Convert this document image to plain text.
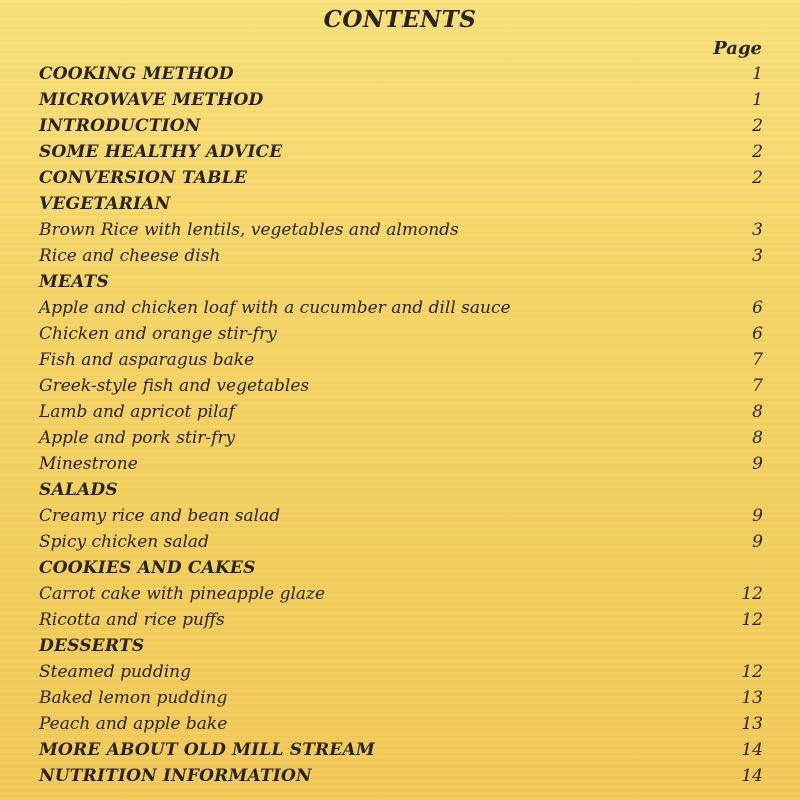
CONTENTS
Page
COOKING METHOD	1
MICROWAVE METHOD	1
INTRODUCTION	2
SOME HEALTHY ADVICE	2
CONVERSION TABLE	2
VEGETARIAN
Brown Rice with lentils, vegetables and almonds	3
Rice and cheese dish	3
MEATS
Apple and chicken loaf with a cucumber and dill sauce	6
Chicken and orange stir-fry	6
Fish and asparagus bake	7
Greek-style fish and vegetables	7
Lamb and apricot pilaf	8
Apple and pork stir-fry	8
Minestrone	9
SALADS
Creamy rice and bean salad	9
Spicy chicken salad	9
COOKIES AND CAKES
Carrot cake with pineapple glaze	12
Ricotta and rice puffs	12
DESSERTS
Steamed pudding	12
Baked lemon pudding	13
Peach and apple bake	13
MORE ABOUT OLD MILL STREAM	14
NUTRITION INFORMATION	14
